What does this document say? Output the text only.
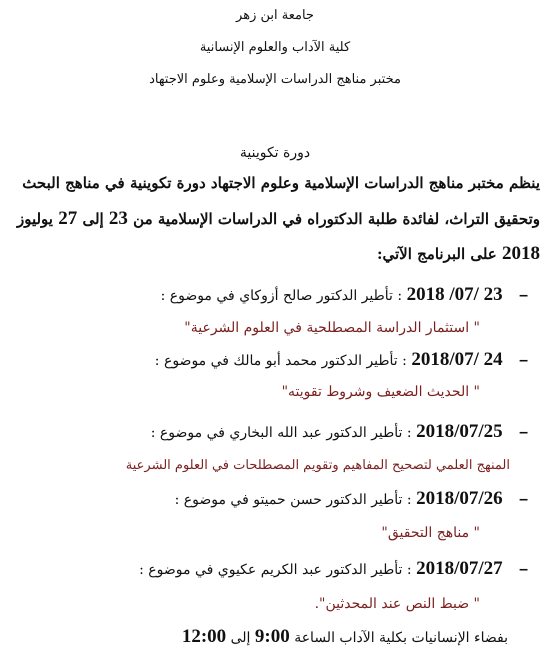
جامعة ابن زهر
كلية الآداب والعلوم الإنسانية
مختبر مناهج الدراسات الإسلامية وعلوم الاجتهاد
دورة تكوينية
ينظم مختبر مناهج الدراسات الإسلامية وعلوم الاجتهاد دورة تكوينية في مناهج البحث
وتحقيق التراث، لفائدة طلبة الدكتوراه في الدراسات الإسلامية من 23 إلى 27 يوليوز
2018 على البرنامج الآتي:
– 2018 /07/ 23 : تأطير الدكتور صالح أزوكاي في موضوع :
" استثمار الدراسة المصطلحية في العلوم الشرعية"
– 2018/07/ 24 : تأطير الدكتور محمد أبو مالك في موضوع :
" الحديث الضعيف وشروط تقويته"
– 2018/07/25 : تأطير الدكتور عبد الله البخاري في موضوع :
المنهج العلمي لتصحيح المفاهيم وتقويم المصطلحات في العلوم الشرعية
– 2018/07/26 : تأطير الدكتور حسن حميتو في موضوع :
" مناهج التحقيق"
– 2018/07/27 : تأطير الدكتور عبد الكريم عكيوي في موضوع :
" ضبط النص عند المحدثين".
بفضاء الإنسانيات بكلية الآداب الساعة 9:00 إلى 12:00
